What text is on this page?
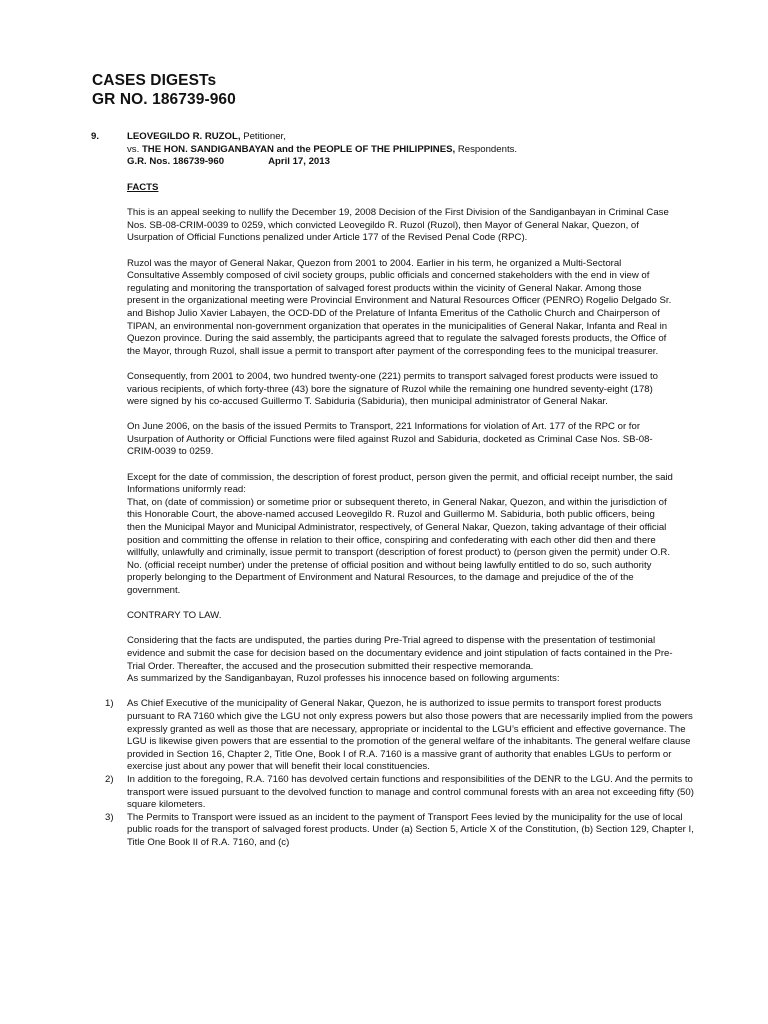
CASES DIGESTs
GR NO. 186739-960
9.	LEOVEGILDO R. RUZOL, Petitioner,
vs. THE HON. SANDIGANBAYAN and the PEOPLE OF THE PHILIPPINES, Respondents.
G.R. Nos. 186739-960	April 17, 2013

FACTS

This is an appeal seeking to nullify the December 19, 2008 Decision of the First Division of the Sandiganbayan in Criminal Case Nos. SB-08-CRIM-0039 to 0259, which convicted Leovegildo R. Ruzol (Ruzol), then Mayor of General Nakar, Quezon, of Usurpation of Official Functions penalized under Article 177 of the Revised Penal Code (RPC).

Ruzol was the mayor of General Nakar, Quezon from 2001 to 2004. Earlier in his term, he organized a Multi-Sectoral Consultative Assembly composed of civil society groups, public officials and concerned stakeholders with the end in view of regulating and monitoring the transportation of salvaged forest products within the vicinity of General Nakar. Among those present in the organizational meeting were Provincial Environment and Natural Resources Officer (PENRO) Rogelio Delgado Sr. and Bishop Julio Xavier Labayen, the OCD-DD of the Prelature of Infanta Emeritus of the Catholic Church and Chairperson of TIPAN, an environmental non-government organization that operates in the municipalities of General Nakar, Infanta and Real in Quezon province. During the said assembly, the participants agreed that to regulate the salvaged forests products, the Office of the Mayor, through Ruzol, shall issue a permit to transport after payment of the corresponding fees to the municipal treasurer.

Consequently, from 2001 to 2004, two hundred twenty-one (221) permits to transport salvaged forest products were issued to various recipients, of which forty-three (43) bore the signature of Ruzol while the remaining one hundred seventy-eight (178) were signed by his co-accused Guillermo T. Sabiduria (Sabiduria), then municipal administrator of General Nakar.

On June 2006, on the basis of the issued Permits to Transport, 221 Informations for violation of Art. 177 of the RPC or for Usurpation of Authority or Official Functions were filed against Ruzol and Sabiduria, docketed as Criminal Case Nos. SB-08-CRIM-0039 to 0259.

Except for the date of commission, the description of forest product, person given the permit, and official receipt number, the said Informations uniformly read:

That, on (date of commission) or sometime prior or subsequent thereto, in General Nakar, Quezon, and within the jurisdiction of this Honorable Court, the above-named accused Leovegildo R. Ruzol and Guillermo M. Sabiduria, both public officers, being then the Municipal Mayor and Municipal Administrator, respectively, of General Nakar, Quezon, taking advantage of their official position and committing the offense in relation to their office, conspiring and confederating with each other did then and there willfully, unlawfully and criminally, issue permit to transport (description of forest product) to (person given the permit) under O.R. No. (official receipt number) under the pretense of official position and without being lawfully entitled to do so, such authority properly belonging to the Department of Environment and Natural Resources, to the damage and prejudice of the of the government.

CONTRARY TO LAW.

Considering that the facts are undisputed, the parties during Pre-Trial agreed to dispense with the presentation of testimonial evidence and submit the case for decision based on the documentary evidence and joint stipulation of facts contained in the Pre-Trial Order. Thereafter, the accused and the prosecution submitted their respective memoranda.

As summarized by the Sandiganbayan, Ruzol professes his innocence based on following arguments:

1) As Chief Executive of the municipality of General Nakar, Quezon, he is authorized to issue permits to transport forest products pursuant to RA 7160 which give the LGU not only express powers but also those powers that are necessarily implied from the powers expressly granted as well as those that are necessary, appropriate or incidental to the LGU’s efficient and effective governance. The LGU is likewise given powers that are essential to the promotion of the general welfare of the inhabitants. The general welfare clause provided in Section 16, Chapter 2, Title One, Book I of R.A. 7160 is a massive grant of authority that enables LGUs to perform or exercise just about any power that will benefit their local constituencies.
2) In addition to the foregoing, R.A. 7160 has devolved certain functions and responsibilities of the DENR to the LGU. And the permits to transport were issued pursuant to the devolved function to manage and control communal forests with an area not exceeding fifty (50) square kilometers.
3) The Permits to Transport were issued as an incident to the payment of Transport Fees levied by the municipality for the use of local public roads for the transport of salvaged forest products. Under (a) Section 5, Article X of the Constitution, (b) Section 129, Chapter I, Title One Book II of R.A. 7160, and (c)
